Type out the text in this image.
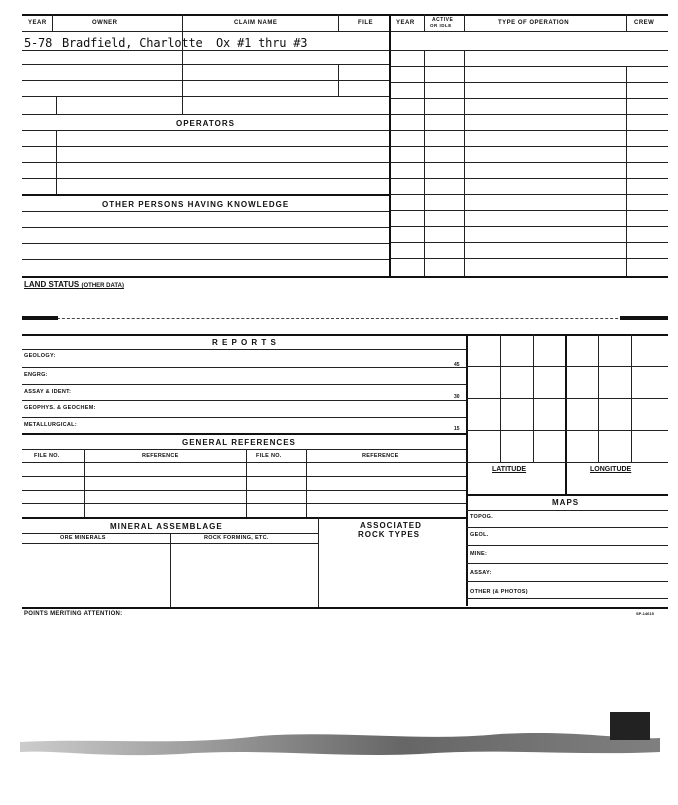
YEAR	OWNER	CLAIM NAME	FILE	YEAR	ACTIVE
OR IDLE	TYPE OF OPERATION	CREW
5-78 Bradfield, Charlotte Ox #1 thru #3
OPERATORS
OTHER PERSONS HAVING KNOWLEDGE
LAND STATUS (OTHER DATA)
R E P O R T S
GEOLOGY:
45
ENGRG:
ASSAY & IDENT:
30
GEOPHYS. & GEOCHEM:
METALLURGICAL:
15
GENERAL REFERENCES
FILE NO.	REFERENCE	FILE NO.	REFERENCE
MINERAL ASSEMBLAGE
ORE MINERALS	ROCK FORMING, ETC.
ASSOCIATED
ROCK TYPES
LATITUDE	LONGITUDE
MAPS
TOPOG.
GEOL.
MINE:
ASSAY:
OTHER (& PHOTOS)
POINTS MERITING ATTENTION:	SP-14615
